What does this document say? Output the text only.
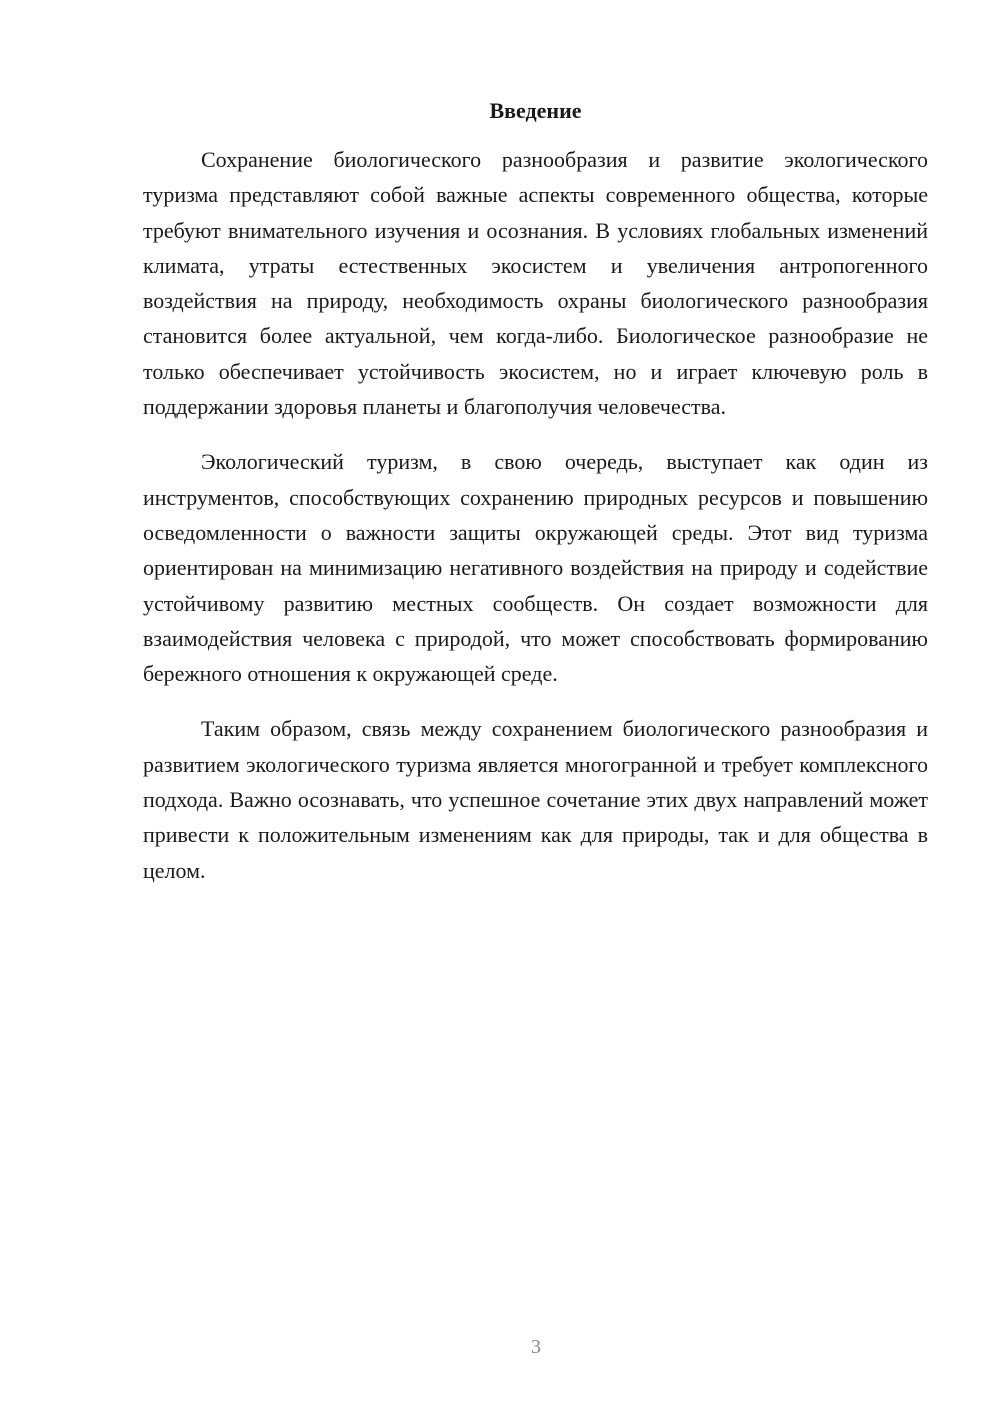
Введение

Сохранение биологического разнообразия и развитие экологического туризма представляют собой важные аспекты современного общества, которые требуют внимательного изучения и осознания. В условиях глобальных изменений климата, утраты естественных экосистем и увеличения антропогенного воздействия на природу, необходимость охраны биологического разнообразия становится более актуальной, чем когда-либо. Биологическое разнообразие не только обеспечивает устойчивость экосистем, но и играет ключевую роль в поддержании здоровья планеты и благополучия человечества.

Экологический туризм, в свою очередь, выступает как один из инструментов, способствующих сохранению природных ресурсов и повышению осведомленности о важности защиты окружающей среды. Этот вид туризма ориентирован на минимизацию негативного воздействия на природу и содействие устойчивому развитию местных сообществ. Он создает возможности для взаимодействия человека с природой, что может способствовать формированию бережного отношения к окружающей среде.

Таким образом, связь между сохранением биологического разнообразия и развитием экологического туризма является многогранной и требует комплексного подхода. Важно осознавать, что успешное сочетание этих двух направлений может привести к положительным изменениям как для природы, так и для общества в целом.

3
